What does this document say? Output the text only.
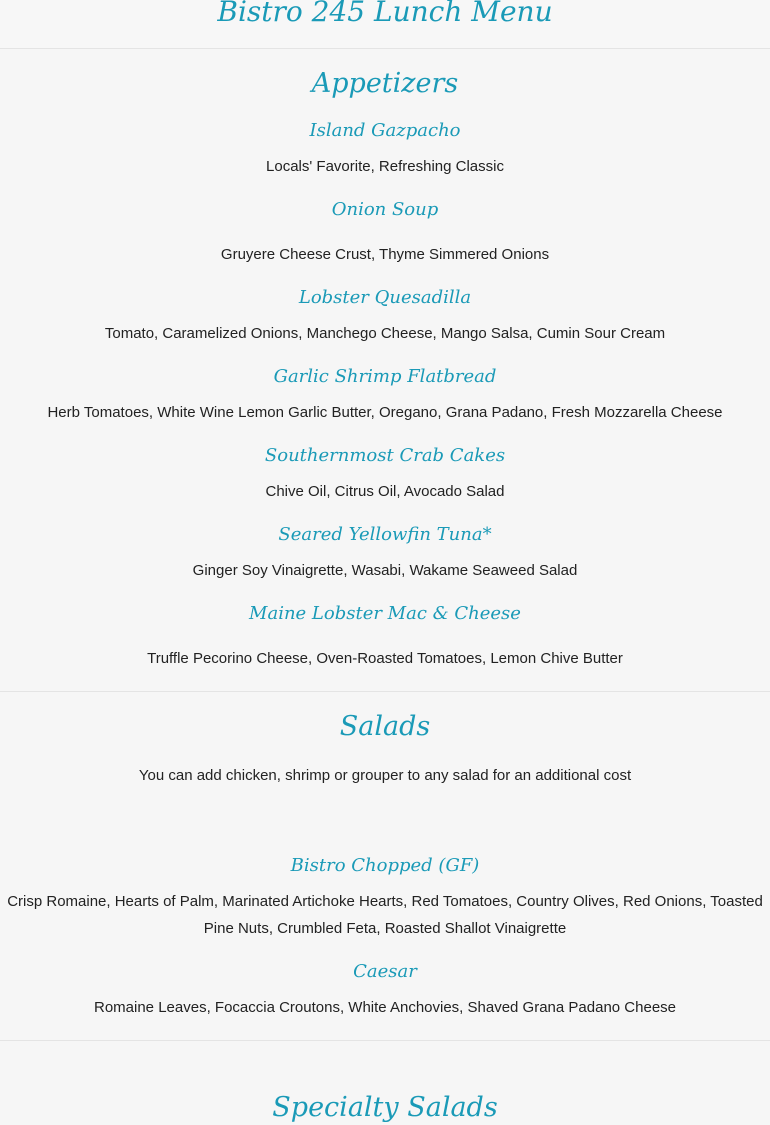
Bistro 245 Lunch Menu
Appetizers
Island Gazpacho

Locals' Favorite, Refreshing Classic

Onion Soup

Gruyere Cheese Crust, Thyme Simmered Onions

Lobster Quesadilla

Tomato, Caramelized Onions, Manchego Cheese, Mango Salsa, Cumin Sour Cream

Garlic Shrimp Flatbread

Herb Tomatoes, White Wine Lemon Garlic Butter, Oregano, Grana Padano, Fresh Mozzarella Cheese

Southernmost Crab Cakes

Chive Oil, Citrus Oil, Avocado Salad

Seared Yellowfin Tuna*

Ginger Soy Vinaigrette, Wasabi, Wakame Seaweed Salad

Maine Lobster Mac & Cheese

Truffle Pecorino Cheese, Oven-Roasted Tomatoes, Lemon Chive Butter

Salads

You can add chicken, shrimp or grouper to any salad for an additional cost

Bistro Chopped (GF)

Crisp Romaine, Hearts of Palm, Marinated Artichoke Hearts, Red Tomatoes, Country Olives, Red Onions, Toasted Pine Nuts, Crumbled Feta, Roasted Shallot Vinaigrette

Caesar

Romaine Leaves, Focaccia Croutons, White Anchovies, Shaved Grana Padano Cheese

Specialty Salads
